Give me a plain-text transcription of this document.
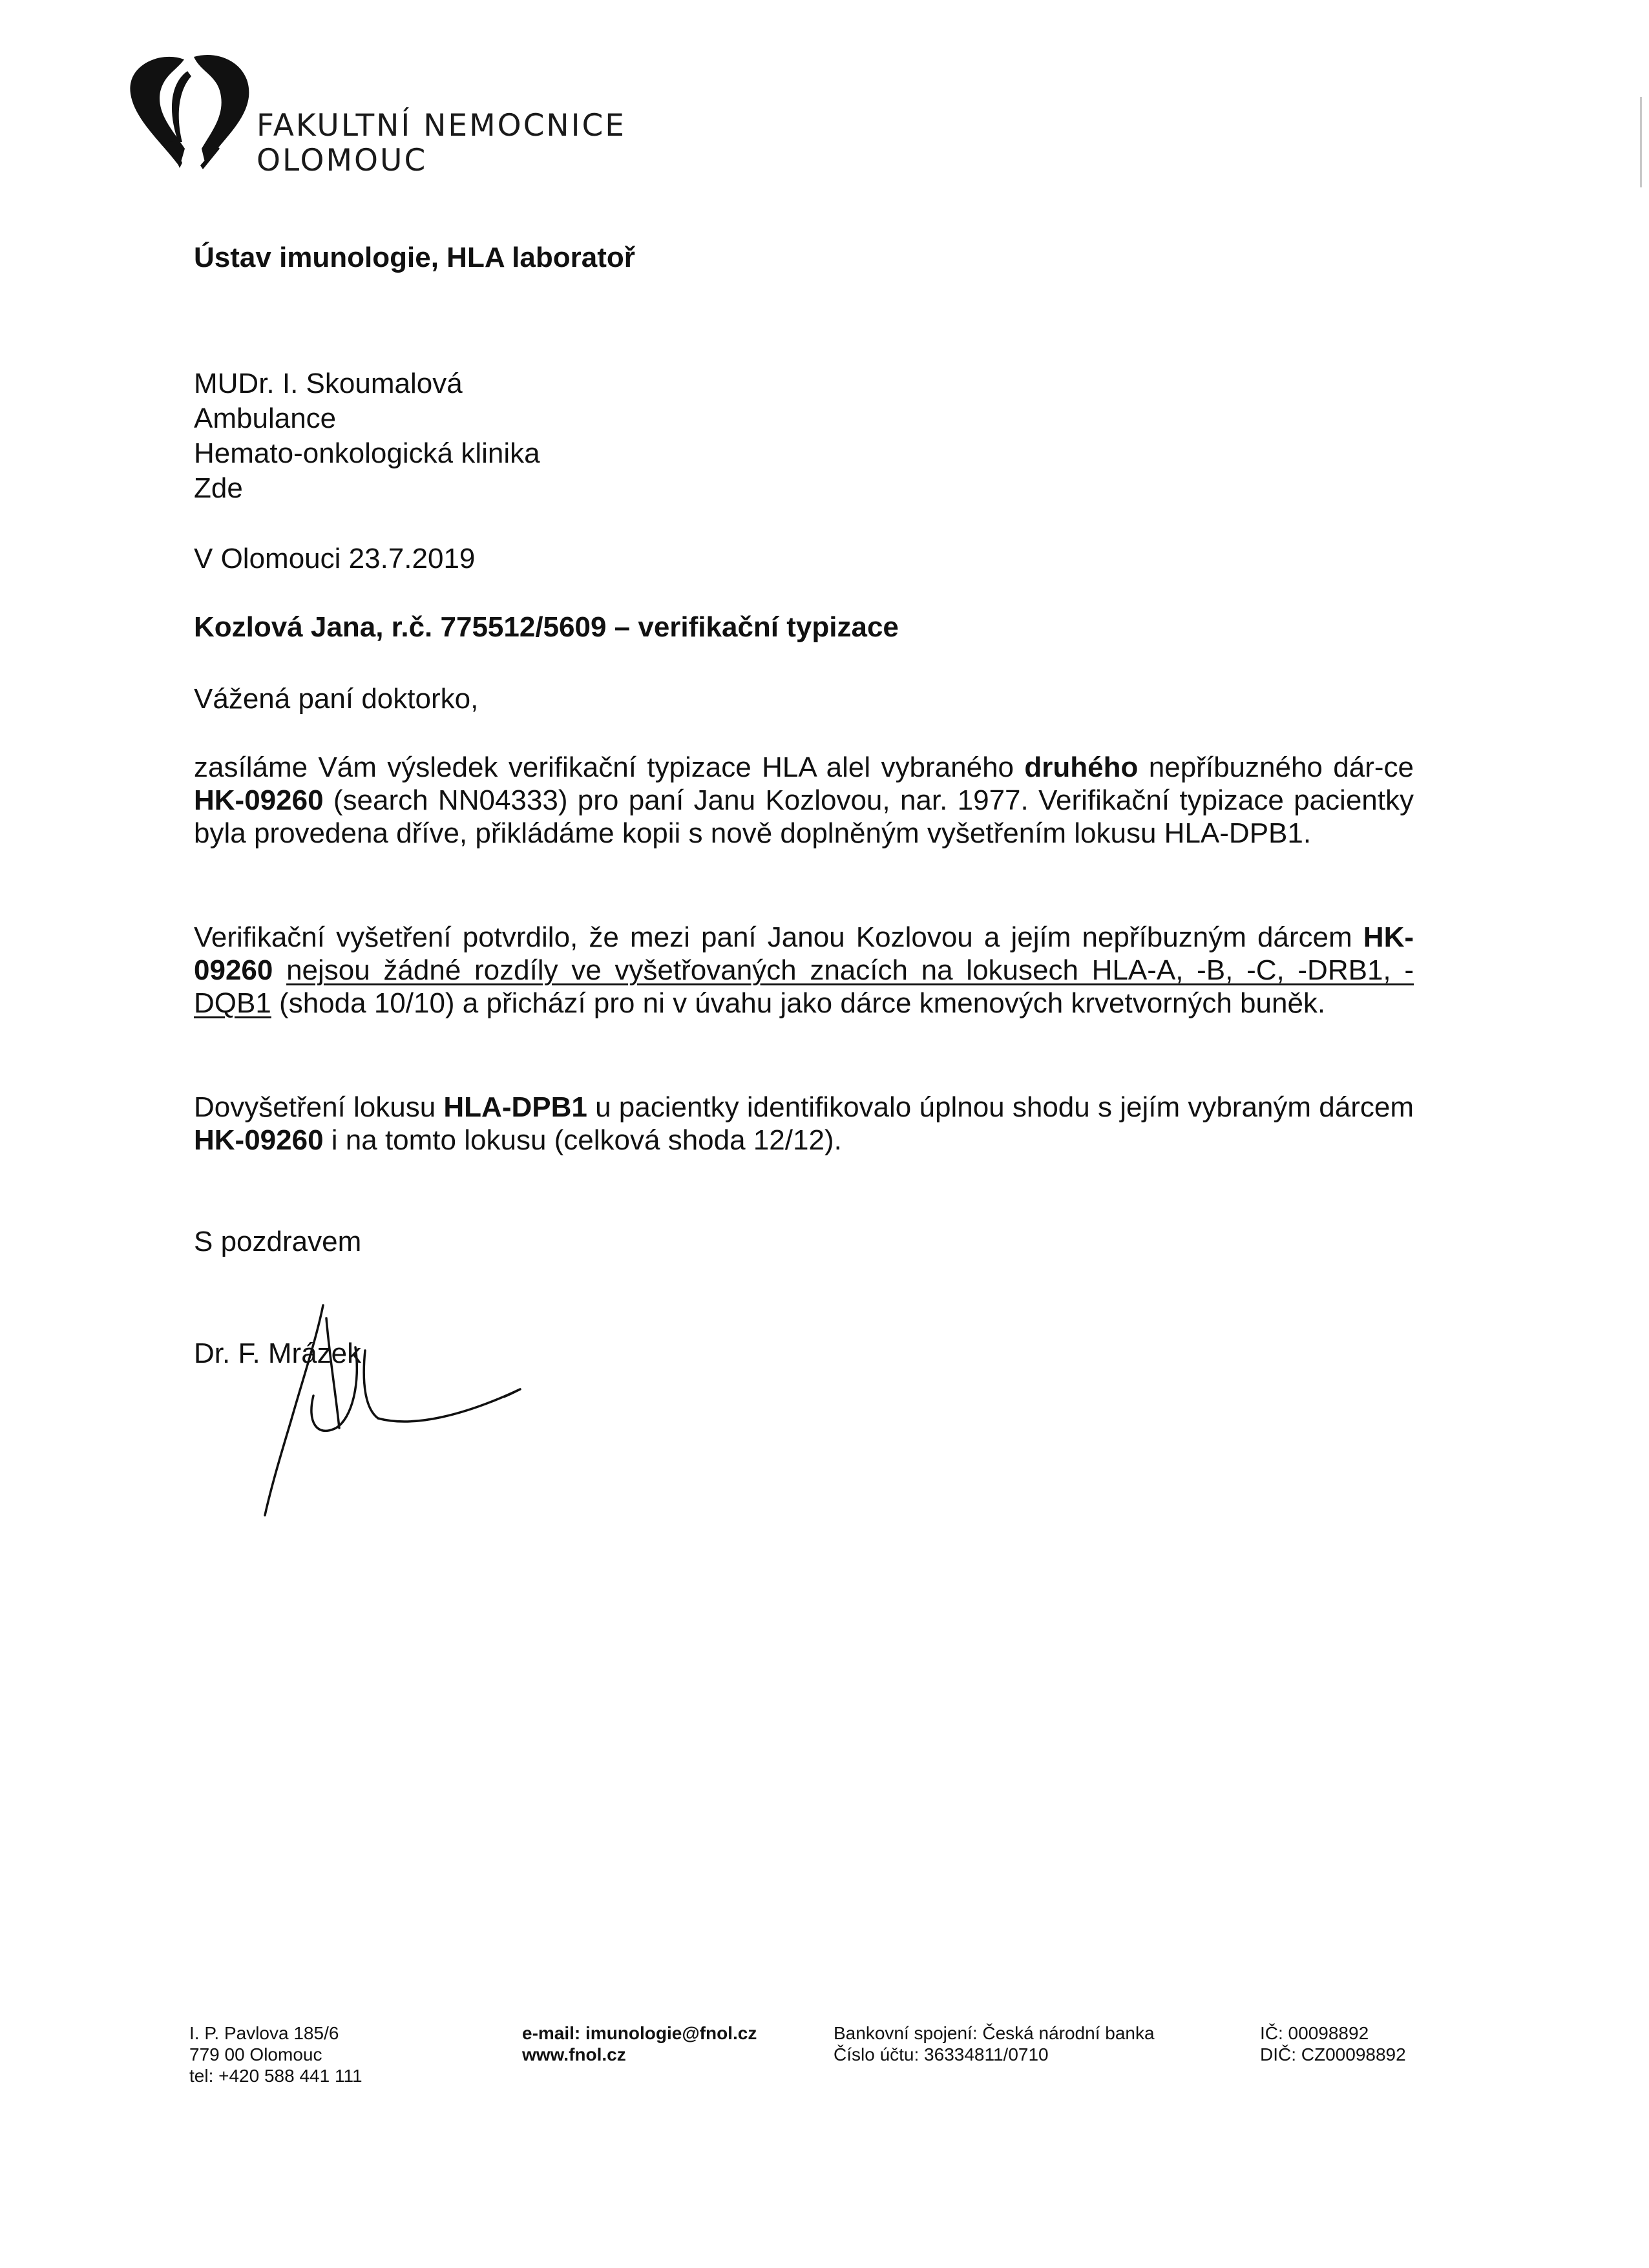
FAKULTNÍ NEMOCNICE
OLOMOUC
Ústav imunologie, HLA laboratoř
MUDr. I. Skoumalová
Ambulance
Hemato-onkologická klinika
Zde
V Olomouci 23.7.2019
Kozlová Jana, r.č. 775512/5609 – verifikační typizace
Vážená paní doktorko,
zasíláme Vám výsledek verifikační typizace HLA alel vybraného druhého nepříbuzného dár-ce HK-09260 (search NN04333) pro paní Janu Kozlovou, nar. 1977. Verifikační typizace pacientky byla provedena dříve, přikládáme kopii s nově doplněným vyšetřením lokusu HLA-DPB1.
Verifikační vyšetření potvrdilo, že mezi paní Janou Kozlovou a jejím nepříbuzným dárcem HK-09260 nejsou žádné rozdíly ve vyšetřovaných znacích na lokusech HLA-A, -B, -C, -DRB1, -DQB1 (shoda 10/10) a přichází pro ni v úvahu jako dárce kmenových krvetvorných buněk.
Dovyšetření lokusu HLA-DPB1 u pacientky identifikovalo úplnou shodu s jejím vybraným dárcem HK-09260 i na tomto lokusu (celková shoda 12/12).
S pozdravem
Dr. F. Mrázek
I. P. Pavlova 185/6
779 00 Olomouc
tel: +420 588 441 111
e-mail: imunologie@fnol.cz
www.fnol.cz
Bankovní spojení: Česká národní banka
Číslo účtu: 36334811/0710
IČ: 00098892
DIČ: CZ00098892
